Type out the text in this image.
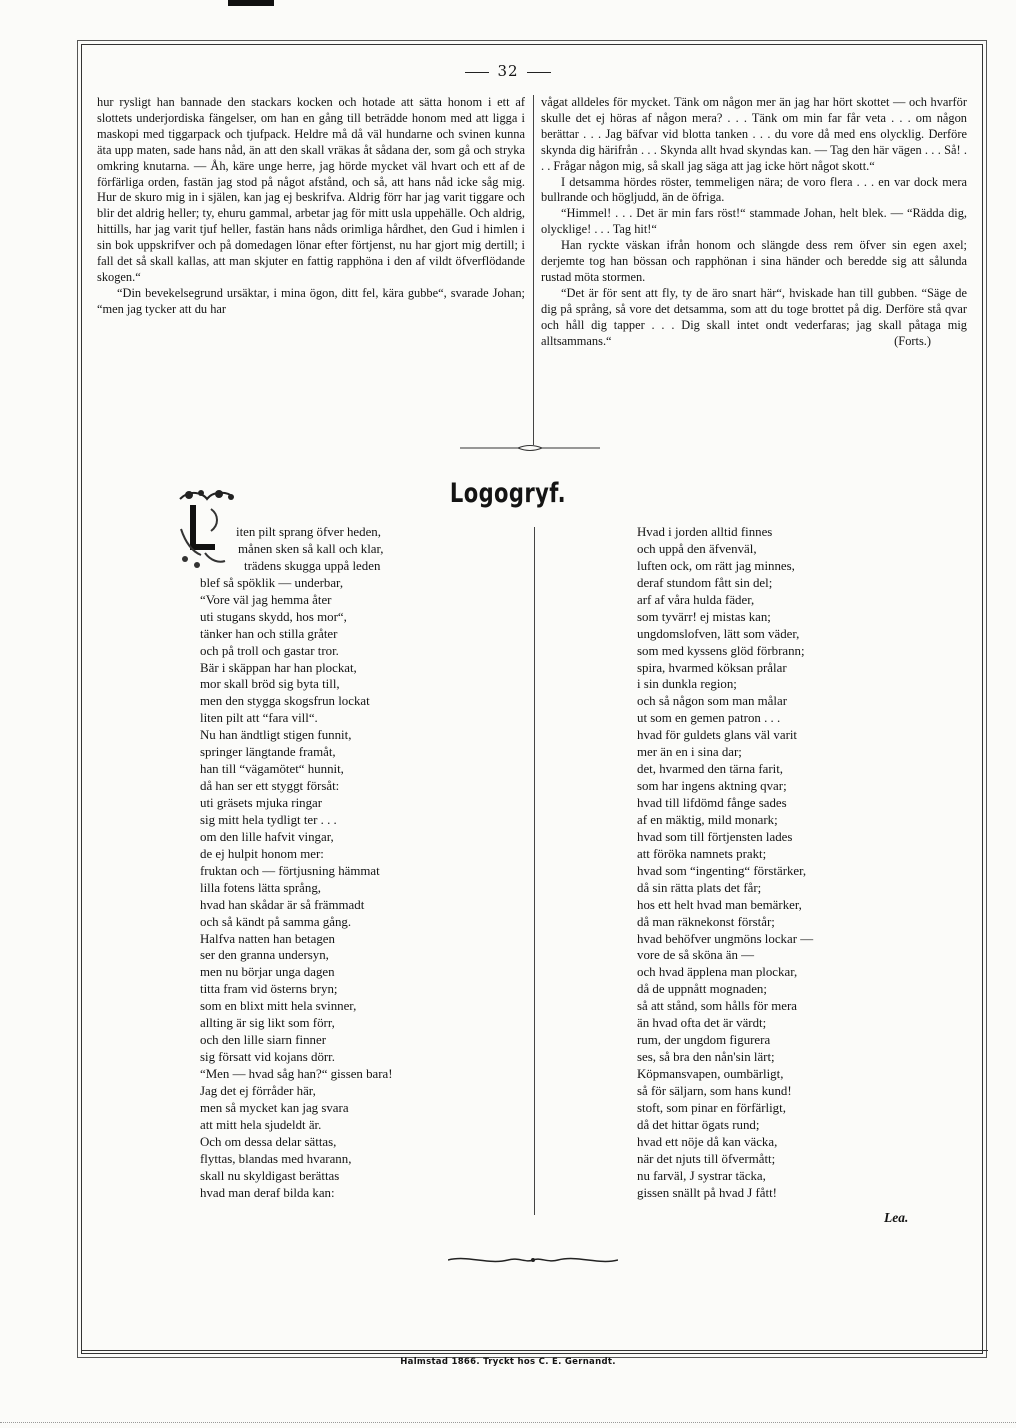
32

hur rysligt han bannade den stackars kocken och hotade att sätta honom i ett af slottets underjordiska fängelser, om han en gång till beträdde honom med att ligga i maskopi med tiggarpack och tjufpack. Heldre må då väl hundarne och svinen kunna äta upp maten, sade hans nåd, än att den skall vräkas åt sådana der, som gå och stryka omkring knutarna. — Åh, käre unge herre, jag hörde mycket väl hvart och ett af de förfärliga orden, fastän jag stod på något afstånd, och så, att hans nåd icke såg mig. Hur de skuro mig in i själen, kan jag ej beskrifva. Aldrig förr har jag varit tiggare och blir det aldrig heller; ty, ehuru gammal, arbetar jag för mitt usla uppehälle. Och aldrig, hittills, har jag varit tjuf heller, fastän hans nåds orimliga hårdhet, den Gud i himlen i sin bok uppskrifver och på domedagen lönar efter förtjenst, nu har gjort mig dertill; i fall det så skall kallas, att man skjuter en fattig rapphöna i den af vildt öfverflödande skogen.“

“Din bevekelsegrund ursäktar, i mina ögon, ditt fel, kära gubbe“, svarade Johan; “men jag tycker att du har

vågat alldeles för mycket. Tänk om någon mer än jag har hört skottet — och hvarför skulle det ej höras af någon mera? . . . Tänk om min far får veta . . . om någon berättar . . . Jag bäfvar vid blotta tanken . . . du vore då med ens olycklig. Derföre skynda dig härifrån . . . Skynda allt hvad skyndas kan. — Tag den här vägen . . . Så! . . . Frågar någon mig, så skall jag säga att jag icke hört något skott.“

I detsamma hördes röster, temmeligen nära; de voro flera . . . en var dock mera bullrande och högljudd, än de öfriga.

“Himmel! . . . Det är min fars röst!“ stammade Johan, helt blek. — “Rädda dig, olycklige! . . . Tag hit!“

Han ryckte väskan ifrån honom och slängde dess rem öfver sin egen axel; derjemte tog han bössan och rapphönan i sina händer och beredde sig att sålunda rustad möta stormen.

“Det är för sent att fly, ty de äro snart här“, hviskade han till gubben. “Säge de dig på språng, så vore det detsamma, som att du toge brottet på dig. Derföre stå qvar och håll dig tapper . . . Dig skall intet ondt vederfaras; jag skall påtaga mig alltsammans.“	(Forts.)

Logogryf.
iten pilt sprang öfver heden,
månen sken så kall och klar,
trädens skugga uppå leden
blef så spöklik — underbar,
“Vore väl jag hemma åter
uti stugans skydd, hos mor“,
tänker han och stilla gråter
och på troll och gastar tror.
Bär i skäppan har han plockat,
mor skall bröd sig byta till,
men den stygga skogsfrun lockat
liten pilt att “fara vill“.
Nu han ändtligt stigen funnit,
springer längtande framåt,
han till “vägamötet“ hunnit,
då han ser ett styggt försåt:
uti gräsets mjuka ringar
sig mitt hela tydligt ter . . .
om den lille hafvit vingar,
de ej hulpit honom mer:
fruktan och — förtjusning hämmat
lilla fotens lätta språng,
hvad han skådar är så främmadt
och så kändt på samma gång.
Halfva natten han betagen
ser den granna undersyn,
men nu börjar unga dagen
titta fram vid österns bryn;
som en blixt mitt hela svinner,
allting är sig likt som förr,
och den lille siarn finner
sig försatt vid kojans dörr.
“Men — hvad såg han?“ gissen bara!
Jag det ej förråder här,
men så mycket kan jag svara
att mitt hela sjudeldt är.
Och om dessa delar sättas,
flyttas, blandas med hvarann,
skall nu skyldigast berättas
hvad man deraf bilda kan:
Hvad i jorden alltid finnes
och uppå den äfvenväl,
luften ock, om rätt jag minnes,
deraf stundom fått sin del;
arf af våra hulda fäder,
som tyvärr! ej mistas kan;
ungdomslofven, lätt som väder,
som med kyssens glöd förbrann;
spira, hvarmed köksan prålar
i sin dunkla region;
och så någon som man målar
ut som en gemen patron . . .
hvad för guldets glans väl varit
mer än en i sina dar;
det, hvarmed den tärna farit,
som har ingens aktning qvar;
hvad till lifdömd fånge sades
af en mäktig, mild monark;
hvad som till förtjensten lades
att föröka namnets prakt;
hvad som “ingenting“ förstärker,
då sin rätta plats det får;
hos ett helt hvad man bemärker,
då man räknekonst förstår;
hvad behöfver ungmöns lockar —
vore de så sköna än —
och hvad äpplena man plockar,
då de uppnått mognaden;
så att stånd, som hålls för mera
än hvad ofta det är värdt;
rum, der ungdom figurera
ses, så bra den nån'sin lärt;
Köpmansvapen, oumbärligt,
så för säljarn, som hans kund!
stoft, som pinar en förfärligt,
då det hittar ögats rund;
hvad ett nöje då kan väcka,
när det njuts till öfvermått;
nu farväl, J systrar täcka,
gissen snällt på hvad J fått!
Lea.
Halmstad 1866. Tryckt hos C. E. Gernandt.
